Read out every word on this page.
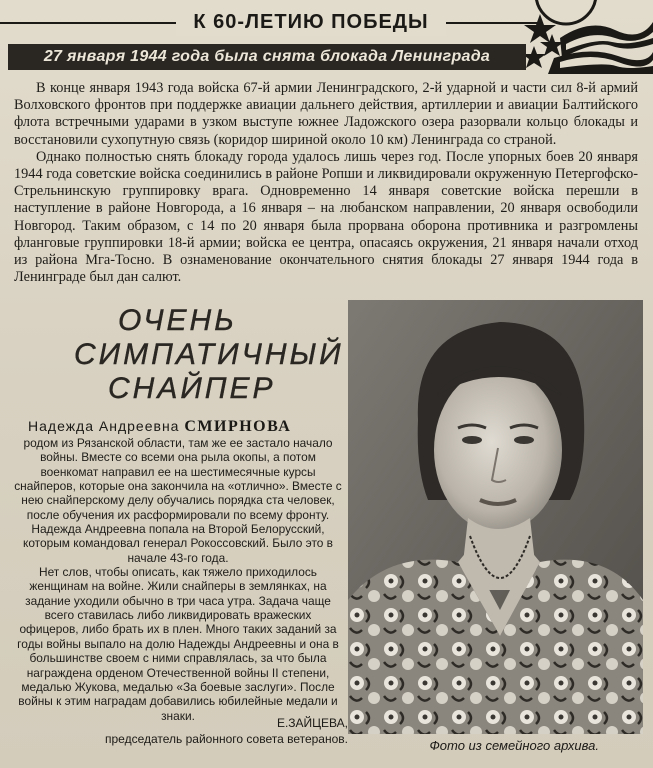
К 60-ЛЕТИЮ ПОБЕДЫ
27 января 1944 года была снята блокада Ленинграда

В конце января 1943 года войска 67-й армии Ленинградского, 2-й ударной и части сил 8-й армий Волховского фронтов при поддержке авиации дальнего действия, артиллерии и авиации Балтийского флота встречными ударами в узком выступе южнее Ладожского озера разорвали кольцо блокады и восстановили сухопутную связь (коридор шириной около 10 км) Ленинграда со страной.

Однако полностью снять блокаду города удалось лишь через год. После упорных боев 20 января 1944 года советские войска соединились в районе Ропши и ликвидировали окруженную Петергофско-Стрельнинскую группировку врага. Одновременно 14 января советские войска перешли в наступление в районе Новгорода, а 16 января – на любанском направлении, 20 января освободили Новгород. Таким образом, с 14 по 20 января была прорвана оборона противника и разгромлены фланговые группировки 18-й армии; войска ее центра, опасаясь окружения, 21 января начали отход из района Мга-Тосно. В ознаменование окончательного снятия блокады 27 января 1944 года в Ленинграде был дан салют.

ОЧЕНЬ
СИМПАТИЧНЫЙ
СНАЙПЕР
Надежда Андреевна СМИРНОВА

родом из Рязанской области, там же ее застало начало войны. Вместе со всеми она рыла окопы, а потом военкомат направил ее на шестимесячные курсы снайперов, которые она закончила на «отлично». Вместе с нею снайперскому делу обучались порядка ста человек, после обучения их расформировали по всему фронту. Надежда Андреевна попала на Второй Белорусский, которым командовал генерал Рокоссовский. Было это в начале 43-го года.

Нет слов, чтобы описать, как тяжело приходилось женщинам на войне. Жили снайперы в землянках, на задание уходили обычно в три часа утра. Задача чаще всего ставилась либо ликвидировать вражеских офицеров, либо брать их в плен. Много таких заданий за годы войны выпало на долю Надежды Андреевны и она в большинстве своем с ними справлялась, за что была награждена орденом Отечественной войны II степени, медалью Жукова, медалью «За боевые заслуги». После войны к этим наградам добавились юбилейные медали и знаки.

Е.ЗАЙЦЕВА,
председатель районного совета ветеранов.	Фото из семейного архива.
